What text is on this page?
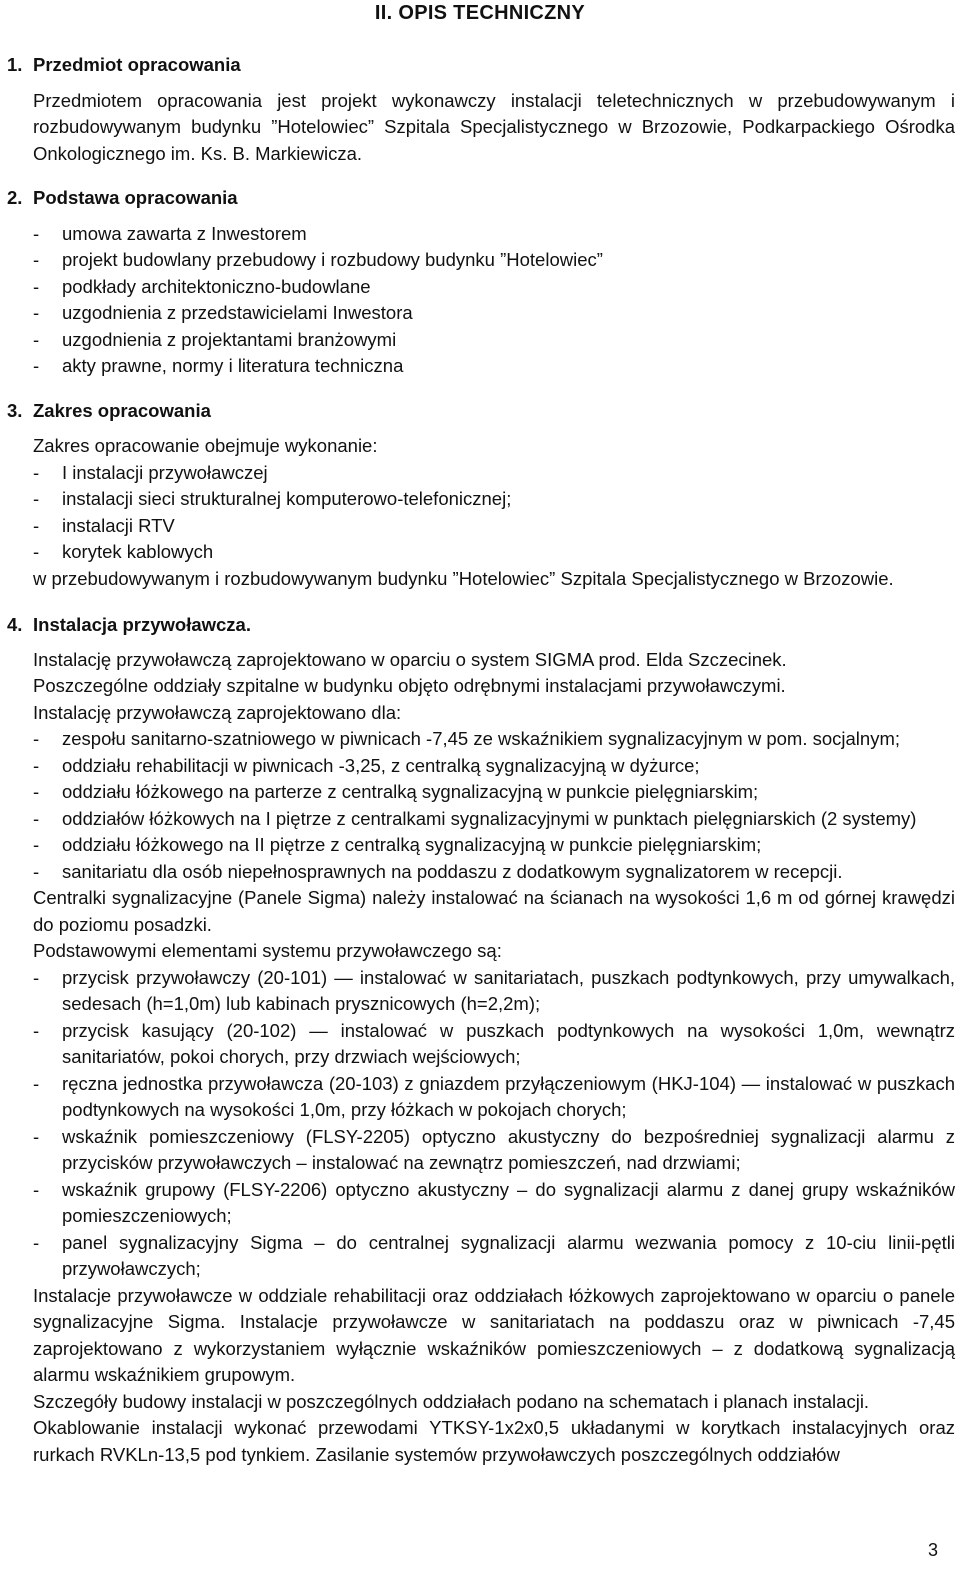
II. OPIS TECHNICZNY
1. Przedmiot opracowania

Przedmiotem opracowania jest projekt wykonawczy instalacji teletechnicznych w przebudowywanym i rozbudowywanym budynku ”Hotelowiec” Szpitala Specjalistycznego w Brzozowie, Podkarpackiego Ośrodka Onkologicznego im. Ks. B. Markiewicza.

2. Podstawa opracowania
-	umowa zawarta z Inwestorem
-	projekt budowlany przebudowy i rozbudowy budynku ”Hotelowiec”
-	podkłady architektoniczno-budowlane
-	uzgodnienia z przedstawicielami Inwestora
-	uzgodnienia z projektantami branżowymi
-	akty prawne, normy i literatura techniczna
3. Zakres opracowania

Zakres opracowanie obejmuje wykonanie:

-	I instalacji przywoławczej
-	instalacji sieci strukturalnej komputerowo-telefonicznej;
-	instalacji RTV
-	korytek kablowych

w przebudowywanym i rozbudowywanym budynku ”Hotelowiec” Szpitala Specjalistycznego w Brzozowie.

4. Instalacja przywoławcza.

Instalację przywoławczą zaprojektowano w oparciu o system SIGMA prod. Elda Szczecinek.

Poszczególne oddziały szpitalne w budynku objęto odrębnymi instalacjami przywoławczymi.

Instalację przywoławczą zaprojektowano dla:

-	zespołu sanitarno-szatniowego w piwnicach -7,45 ze wskaźnikiem sygnalizacyjnym w pom. socjalnym;
-	oddziału rehabilitacji w piwnicach -3,25, z centralką sygnalizacyjną w dyżurce;
-	oddziału łóżkowego na parterze z centralką sygnalizacyjną w punkcie pielęgniarskim;
-	oddziałów łóżkowych na I piętrze z centralkami sygnalizacyjnymi w punktach pielęgniarskich (2 systemy)
-	oddziału łóżkowego na II piętrze z centralką sygnalizacyjną w punkcie pielęgniarskim;
-	sanitariatu dla osób niepełnosprawnych na poddaszu z dodatkowym sygnalizatorem w recepcji.

Centralki sygnalizacyjne (Panele Sigma) należy instalować na ścianach na wysokości 1,6 m od górnej krawędzi do poziomu posadzki.

Podstawowymi elementami systemu przywoławczego są:

-	przycisk przywoławczy (20-101) — instalować w sanitariatach, puszkach podtynkowych, przy umywalkach, sedesach (h=1,0m) lub kabinach prysznicowych (h=2,2m);
-	przycisk kasujący (20-102) — instalować w puszkach podtynkowych na wysokości 1,0m, wewnątrz sanitariatów, pokoi chorych, przy drzwiach wejściowych;
-	ręczna jednostka przywoławcza (20-103) z gniazdem przyłączeniowym (HKJ-104) — instalować w puszkach podtynkowych na wysokości 1,0m, przy łóżkach w pokojach chorych;
-	wskaźnik pomieszczeniowy (FLSY-2205) optyczno akustyczny do bezpośredniej sygnalizacji alarmu z przycisków przywoławczych – instalować na zewnątrz pomieszczeń, nad drzwiami;
-	wskaźnik grupowy (FLSY-2206) optyczno akustyczny – do sygnalizacji alarmu z danej grupy wskaźników pomieszczeniowych;
-	panel sygnalizacyjny Sigma – do centralnej sygnalizacji alarmu wezwania pomocy z 10-ciu linii-pętli przywoławczych;

Instalacje przywoławcze w oddziale rehabilitacji oraz oddziałach łóżkowych zaprojektowano w oparciu o panele sygnalizacyjne Sigma. Instalacje przywoławcze w sanitariatach na poddaszu oraz w piwnicach -7,45 zaprojektowano z wykorzystaniem wyłącznie wskaźników pomieszczeniowych – z dodatkową sygnalizacją alarmu wskaźnikiem grupowym.

Szczegóły budowy instalacji w poszczególnych oddziałach podano na schematach i planach instalacji.

Okablowanie instalacji wykonać przewodami YTKSY-1x2x0,5 układanymi w korytkach instalacyjnych oraz rurkach RVKLn-13,5 pod tynkiem. Zasilanie systemów przywoławczych poszczególnych oddziałów

3
